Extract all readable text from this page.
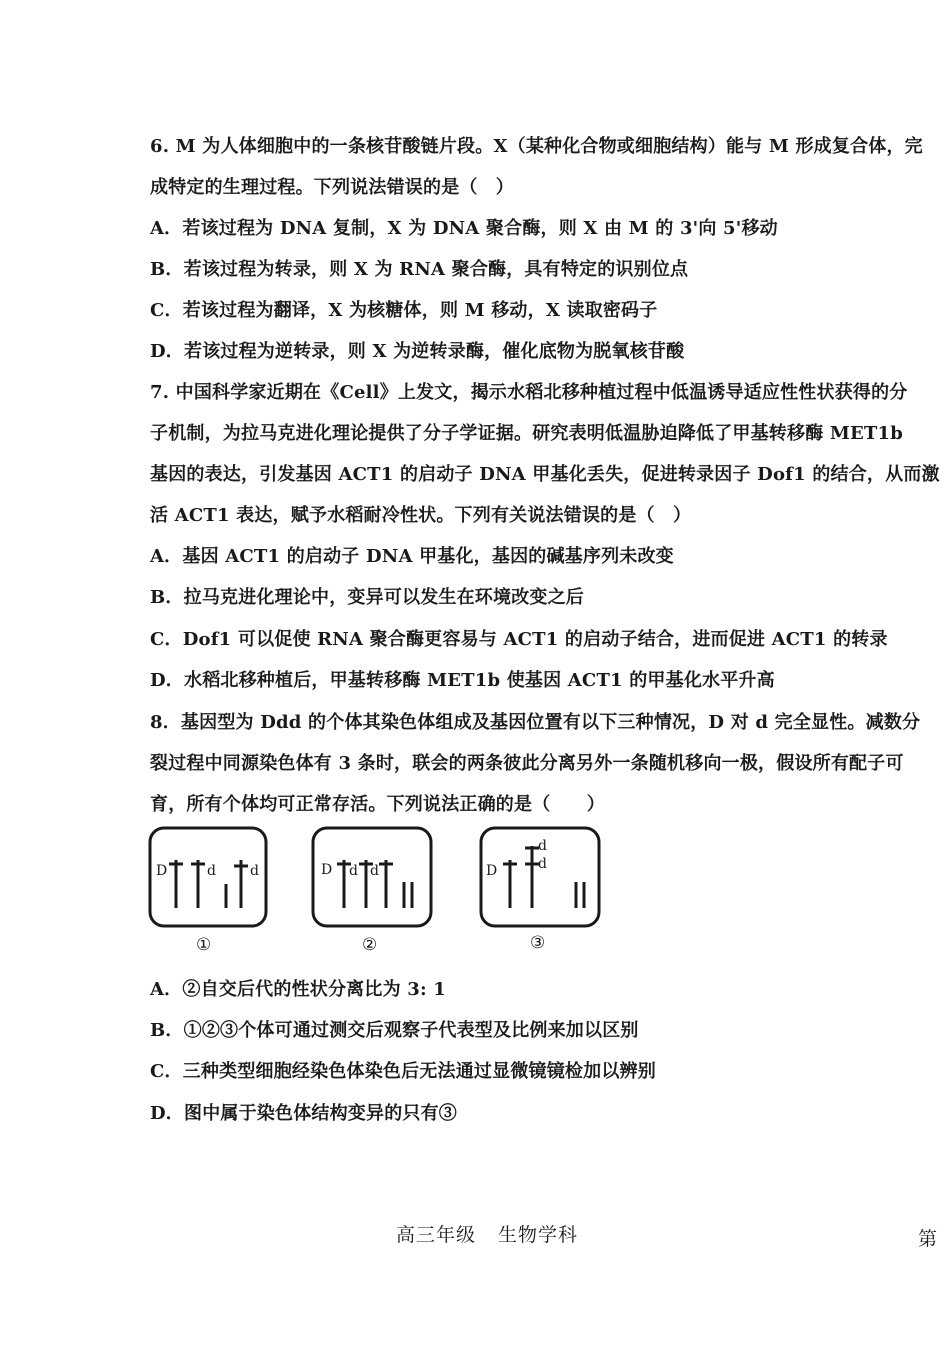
6. M 为人体细胞中的一条核苷酸链片段。X（某种化合物或细胞结构）能与 M 形成复合体，完
成特定的生理过程。下列说法错误的是（　）
A．若该过程为 DNA 复制，X 为 DNA 聚合酶，则 X 由 M 的 3'向 5'移动
B．若该过程为转录，则 X 为 RNA 聚合酶，具有特定的识别位点
C．若该过程为翻译，X 为核糖体，则 M 移动，X 读取密码子
D．若该过程为逆转录，则 X 为逆转录酶，催化底物为脱氧核苷酸
7. 中国科学家近期在《Cell》上发文，揭示水稻北移种植过程中低温诱导适应性性状获得的分
子机制，为拉马克进化理论提供了分子学证据。研究表明低温胁迫降低了甲基转移酶 MET1b
基因的表达，引发基因 ACT1 的启动子 DNA 甲基化丢失，促进转录因子 Dof1 的结合，从而激
活 ACT1 表达，赋予水稻耐冷性状。下列有关说法错误的是（　）
A．基因 ACT1 的启动子 DNA 甲基化，基因的碱基序列未改变
B．拉马克进化理论中，变异可以发生在环境改变之后
C．Dof1 可以促使 RNA 聚合酶更容易与 ACT1 的启动子结合，进而促进 ACT1 的转录
D．水稻北移种植后，甲基转移酶 MET1b 使基因 ACT1 的甲基化水平升高
8．基因型为 Ddd 的个体其染色体组成及基因位置有以下三种情况，D 对 d 完全显性。减数分
裂过程中同源染色体有 3 条时，联会的两条彼此分离另外一条随机移向一极，假设所有配子可
育，所有个体均可正常存活。下列说法正确的是（　　）
D	d d	D d d	D
d
d
①	②	③
A．②自交后代的性状分离比为 3: 1
B．①②③个体可通过测交后观察子代表型及比例来加以区别
C．三种类型细胞经染色体染色后无法通过显微镜镜检加以辨别
D．图中属于染色体结构变异的只有③
高三年级 生物学科	第
